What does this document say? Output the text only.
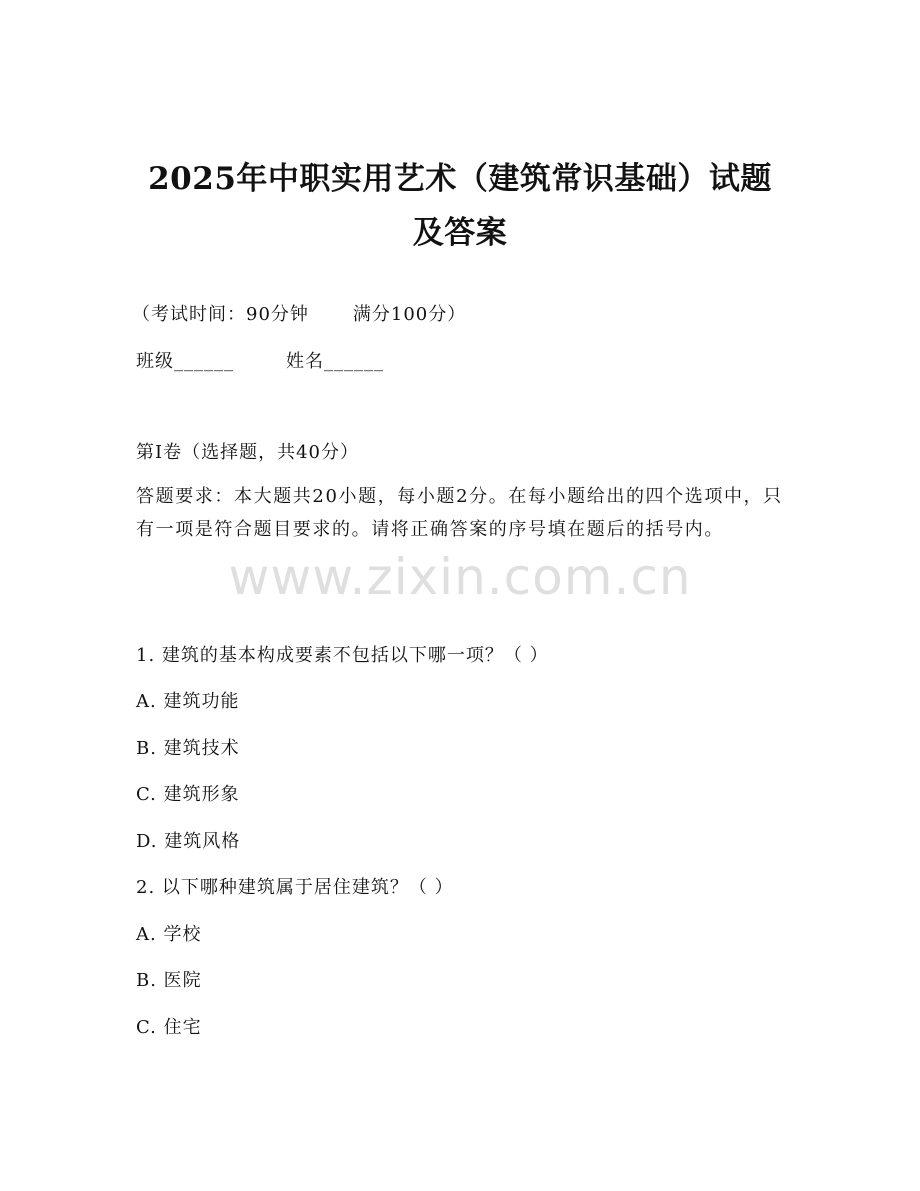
2025年中职实用艺术（建筑常识基础）试题
及答案
（考试时间：90分钟 满分100分）
班级______	姓名______
第I卷（选择题，共40分）
答题要求：本大题共20小题，每小题2分。在每小题给出的四个选项中，只有一项是符合题目要求的。请将正确答案的序号填在题后的括号内。
1. 建筑的基本构成要素不包括以下哪一项？（ ）
A. 建筑功能
B. 建筑技术
C. 建筑形象
D. 建筑风格
2. 以下哪种建筑属于居住建筑？（ ）
A. 学校
B. 医院
C. 住宅
www.zixin.com.cn
